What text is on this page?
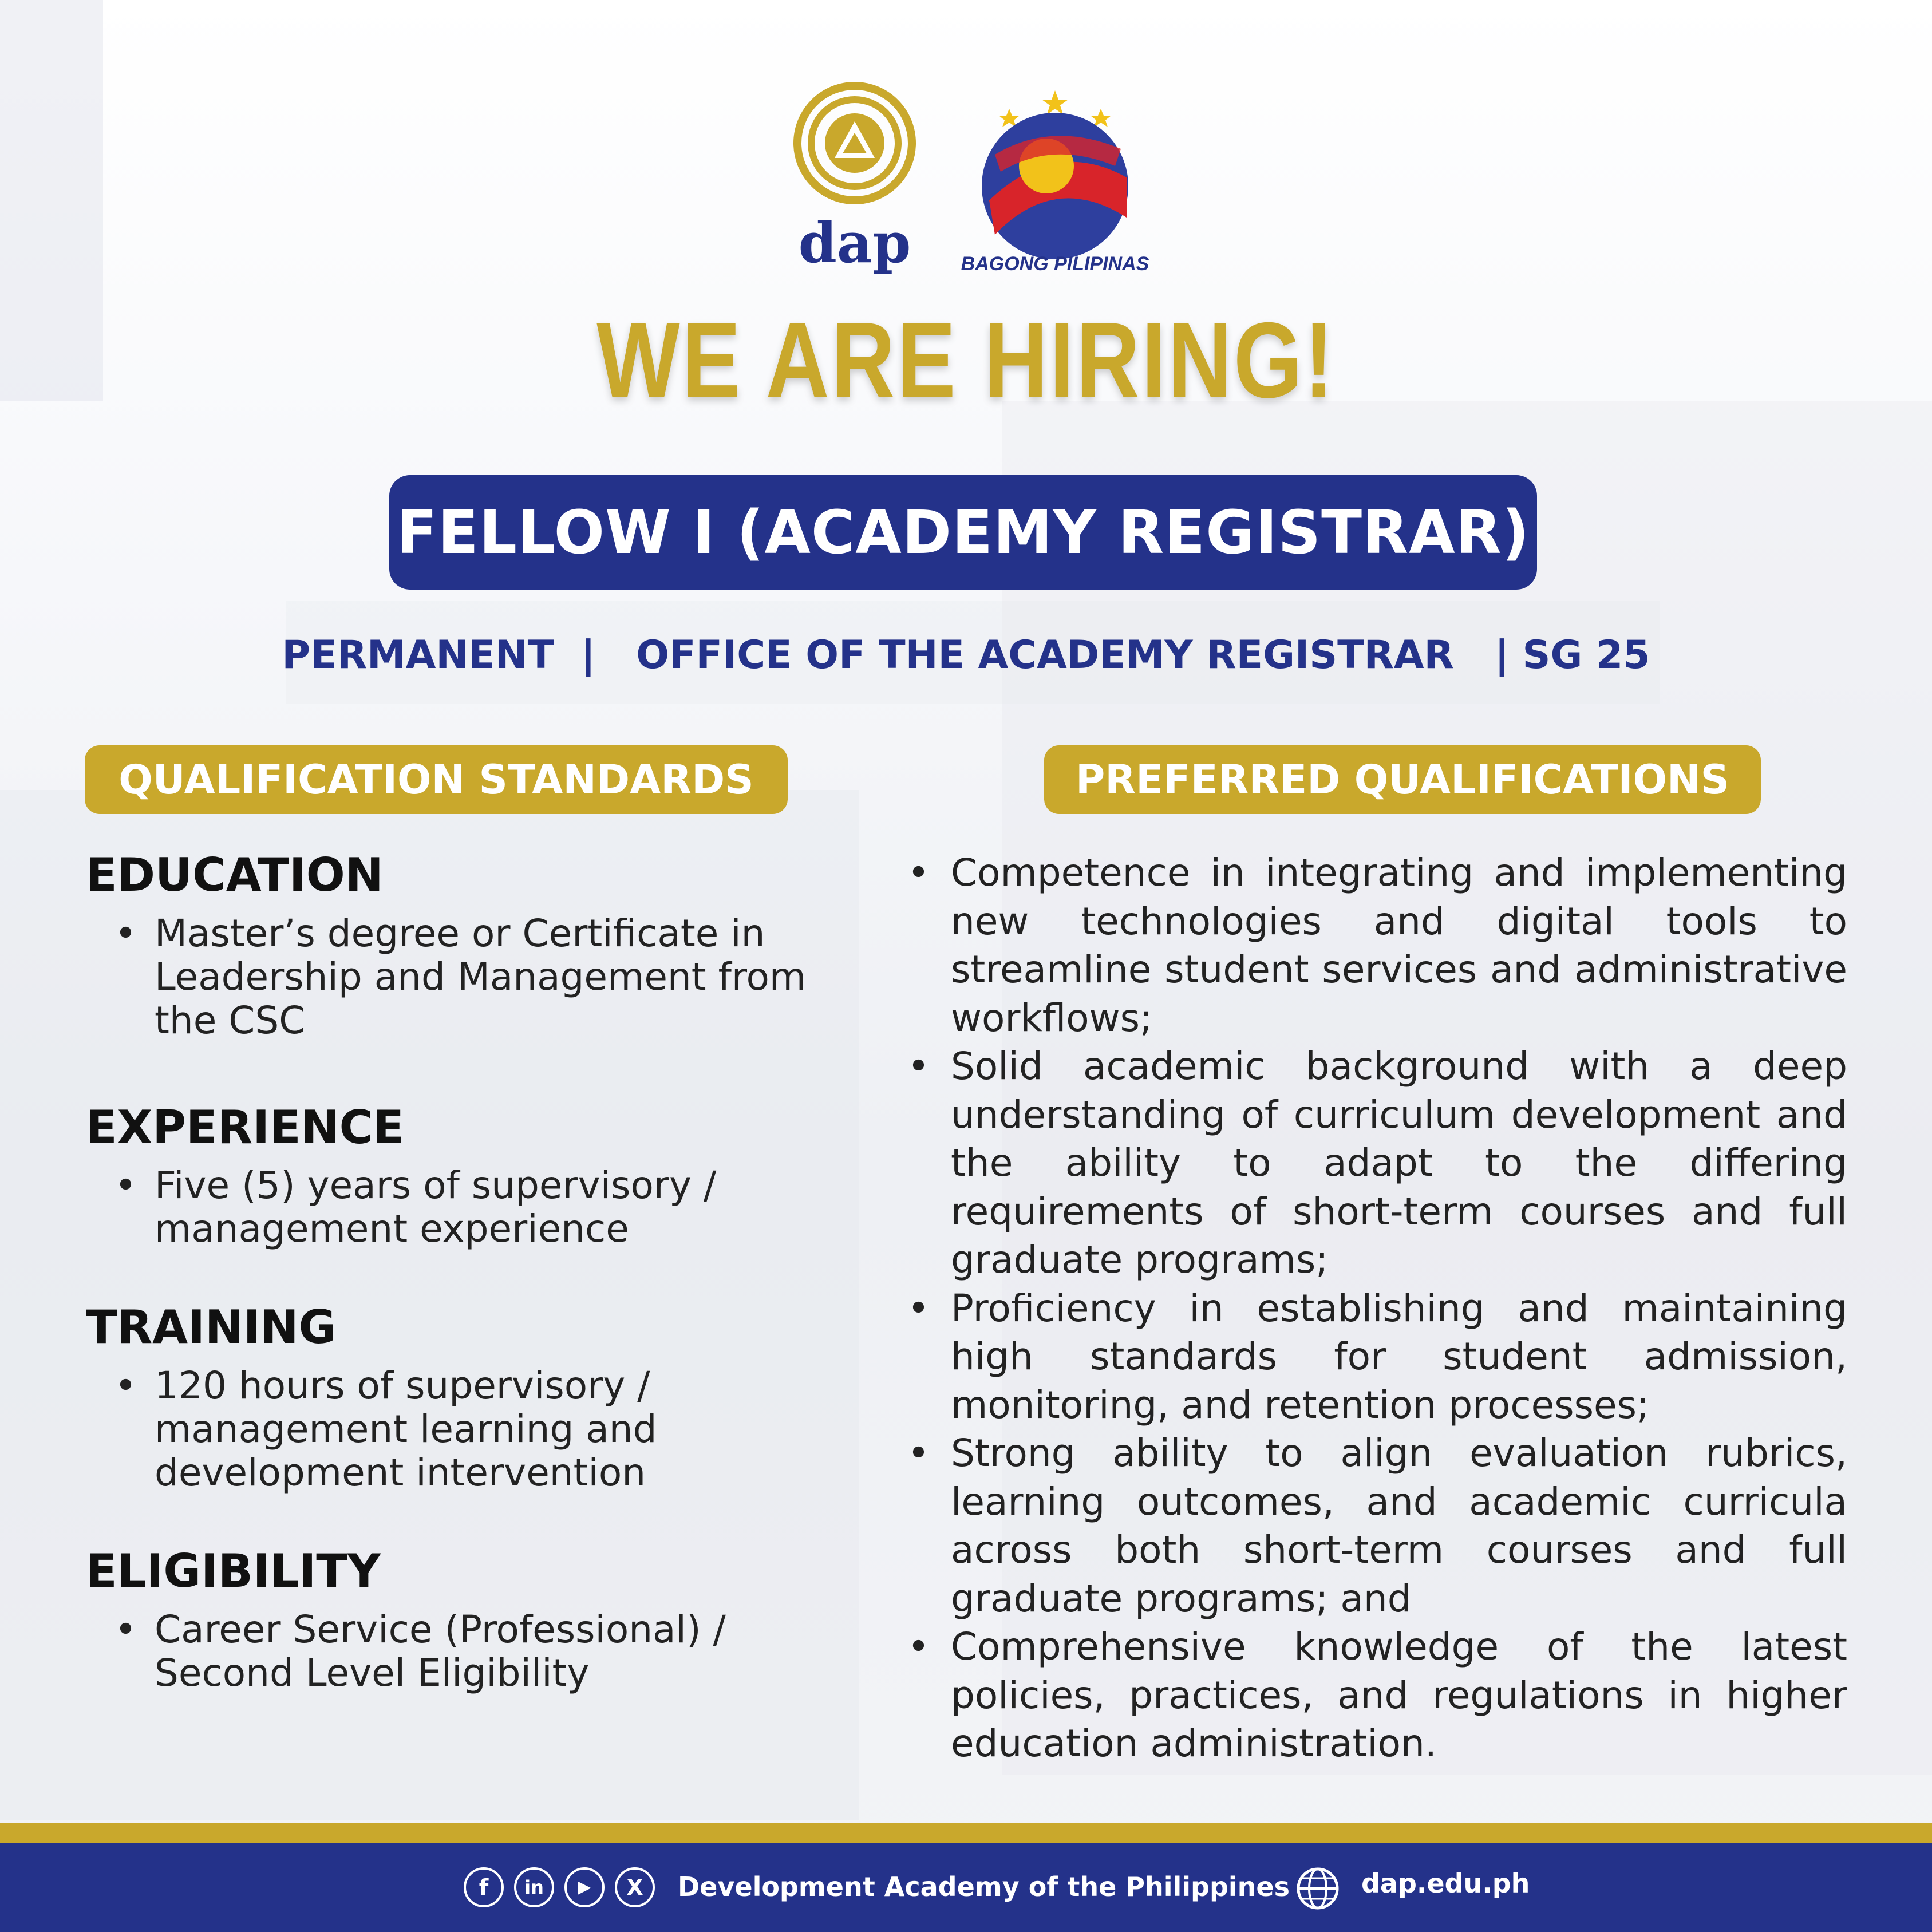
dap	BAGONG PILIPINAS
WE ARE HIRING!
FELLOW I (ACADEMY REGISTRAR)
PERMANENT | OFFICE OF THE ACADEMY REGISTRAR | SG 25
QUALIFICATION STANDARDS	PREFERRED QUALIFICATIONS
EDUCATION
• Master’s degree or Certificate in Leadership and Management from the CSC
EXPERIENCE
• Five (5) years of supervisory / management experience
TRAINING
• 120 hours of supervisory / management learning and development intervention
ELIGIBILITY
• Career Service (Professional) / Second Level Eligibility
• Competence in integrating and implementing new technologies and digital tools to streamline student services and administrative workflows;
• Solid academic background with a deep understanding of curriculum development and the ability to adapt to the differing requirements of short-term courses and full graduate programs;
• Proficiency in establishing and maintaining high standards for student admission, monitoring, and retention processes;
• Strong ability to align evaluation rubrics, learning outcomes, and academic curricula across both short-term courses and full graduate programs; and
• Comprehensive knowledge of the latest policies, practices, and regulations in higher education administration.
f	in	▶	X	Development Academy of the Philippines	dap.edu.ph
